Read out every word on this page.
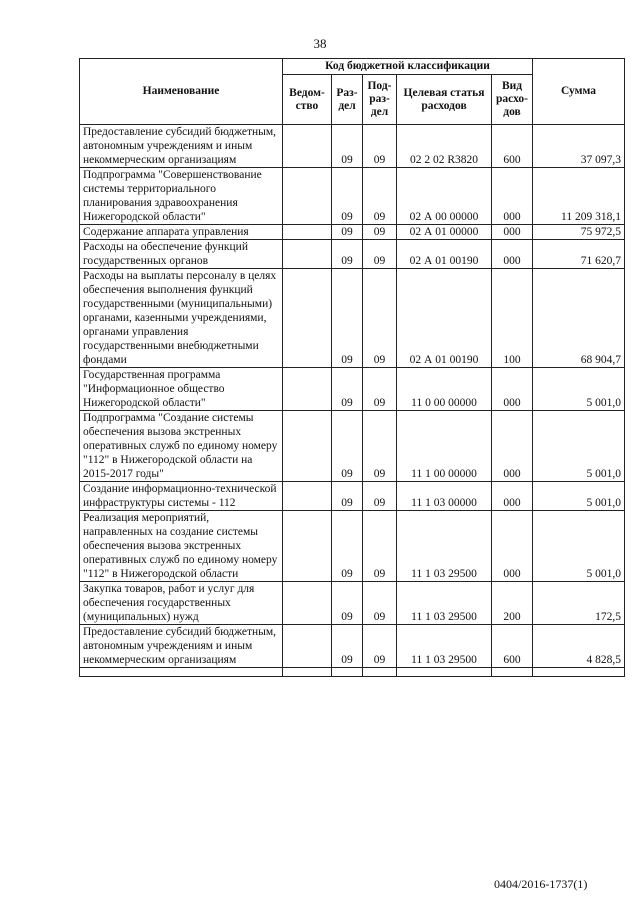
38
Наименование	Код бюджетной классификации					Сумма
	Ведом-ство	Раз-дел	Под-раз-дел	Целевая статья расходов	Вид расхо-дов	
Предоставление субсидий бюджетным, автономным учреждениям и иным некоммерческим организациям		09	09	02 2 02 R3820	600	37 097,3
Подпрограмма "Совершенствование системы территориального планирования здравоохранения Нижегородской области"		09	09	02 А 00 00000	000	11 209 318,1
Содержание аппарата управления		09	09	02 А 01 00000	000	75 972,5
Расходы на обеспечение функций государственных органов		09	09	02 А 01 00190	000	71 620,7
Расходы на выплаты персоналу в целях обеспечения выполнения функций государственными (муниципальными) органами, казенными учреждениями, органами управления государственными внебюджетными фондами		09	09	02 А 01 00190	100	68 904,7
Государственная программа "Информационное общество Нижегородской области"		09	09	11 0 00 00000	000	5 001,0
Подпрограмма "Создание системы обеспечения вызова экстренных оперативных служб по единому номеру "112" в Нижегородской области на 2015-2017 годы"		09	09	11 1 00 00000	000	5 001,0
Создание информационно-технической инфраструктуры системы - 112		09	09	11 1 03 00000	000	5 001,0
Реализация мероприятий, направленных на создание системы обеспечения вызова экстренных оперативных служб по единому номеру "112" в Нижегородской области		09	09	11 1 03 29500	000	5 001,0
Закупка товаров, работ и услуг для обеспечения государственных (муниципальных) нужд		09	09	11 1 03 29500	200	172,5
Предоставление субсидий бюджетным, автономным учреждениям и иным некоммерческим организациям		09	09	11 1 03 29500	600	4 828,5

0404/2016-1737(1)
